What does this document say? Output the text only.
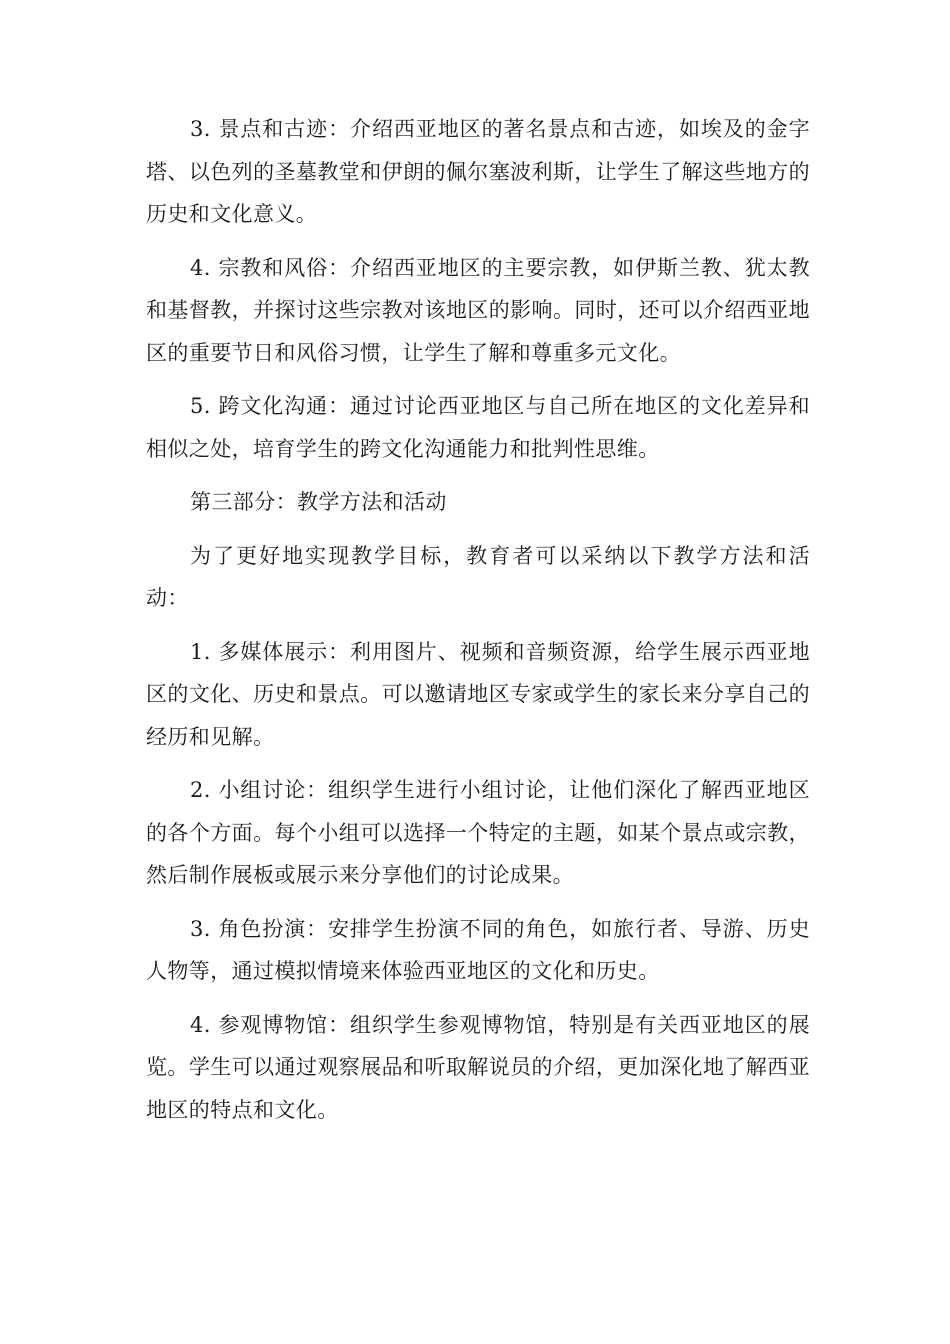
3. 景点和古迹：介绍西亚地区的著名景点和古迹，如埃及的金字塔、以色列的圣墓教堂和伊朗的佩尔塞波利斯，让学生了解这些地方的历史和文化意义。

4. 宗教和风俗：介绍西亚地区的主要宗教，如伊斯兰教、犹太教和基督教，并探讨这些宗教对该地区的影响。同时，还可以介绍西亚地区的重要节日和风俗习惯，让学生了解和尊重多元文化。

5. 跨文化沟通：通过讨论西亚地区与自己所在地区的文化差异和相似之处，培育学生的跨文化沟通能力和批判性思维。

第三部分：教学方法和活动

为了更好地实现教学目标，教育者可以采纳以下教学方法和活动：

1. 多媒体展示：利用图片、视频和音频资源，给学生展示西亚地区的文化、历史和景点。可以邀请地区专家或学生的家长来分享自己的经历和见解。

2. 小组讨论：组织学生进行小组讨论，让他们深化了解西亚地区的各个方面。每个小组可以选择一个特定的主题，如某个景点或宗教，然后制作展板或展示来分享他们的讨论成果。

3. 角色扮演：安排学生扮演不同的角色，如旅行者、导游、历史人物等，通过模拟情境来体验西亚地区的文化和历史。

4. 参观博物馆：组织学生参观博物馆，特别是有关西亚地区的展览。学生可以通过观察展品和听取解说员的介绍，更加深化地了解西亚地区的特点和文化。
